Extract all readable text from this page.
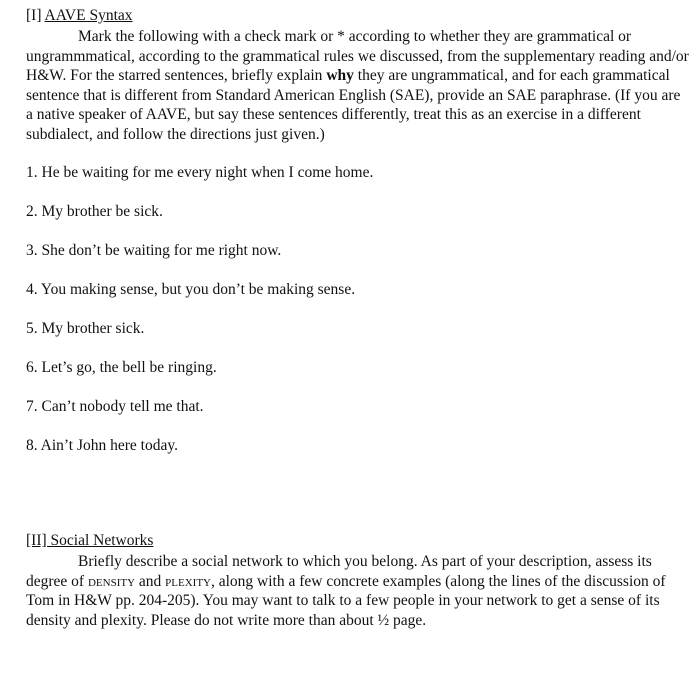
[I] AAVE Syntax

Mark the following with a check mark or * according to whether they are grammatical or ungrammmatical, according to the grammatical rules we discussed, from the supplementary reading and/or H&W. For the starred sentences, briefly explain why they are ungrammatical, and for each grammatical sentence that is different from Standard American English (SAE), provide an SAE paraphrase. (If you are a native speaker of AAVE, but say these sentences differently, treat this as an exercise in a different subdialect, and follow the directions just given.)

1. He be waiting for me every night when I come home.
2. My brother be sick.
3. She don’t be waiting for me right now.
4. You making sense, but you don’t be making sense.
5. My brother sick.
6. Let’s go, the bell be ringing.
7. Can’t nobody tell me that.
8. Ain’t John here today.
[II] Social Networks

Briefly describe a social network to which you belong. As part of your description, assess its degree of density and plexity, along with a few concrete examples (along the lines of the discussion of Tom in H&W pp. 204-205). You may want to talk to a few people in your network to get a sense of its density and plexity. Please do not write more than about ½ page.
